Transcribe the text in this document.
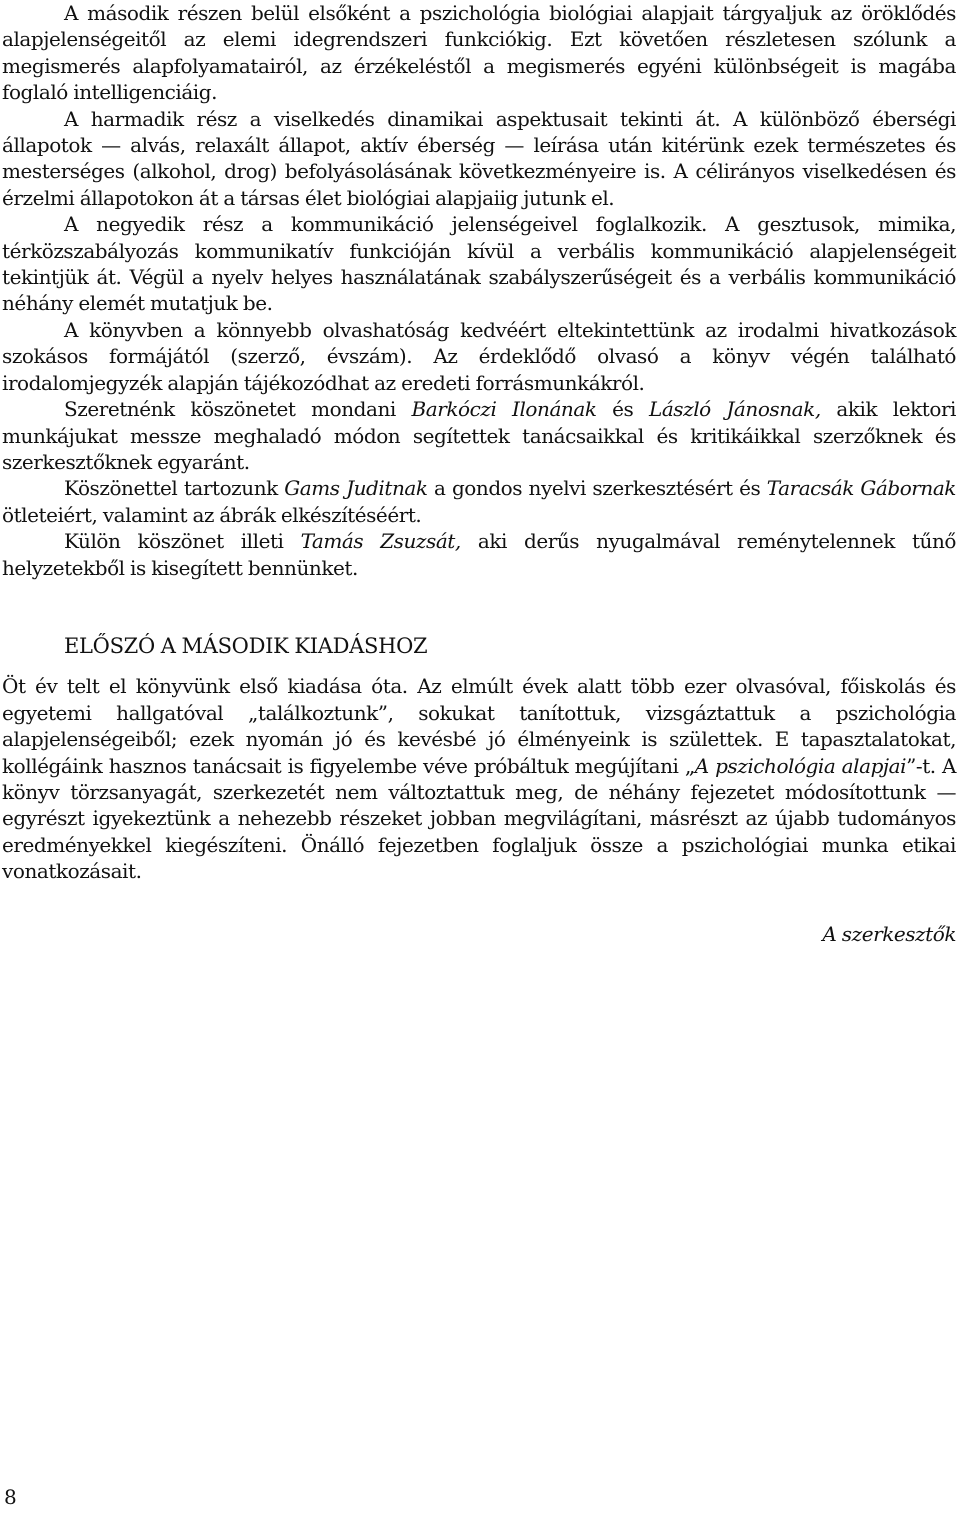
A második részen belül elsőként a pszichológia biológiai alapjait tárgyaljuk az öröklődés alapjelenségeitől az elemi idegrendszeri funkciókig. Ezt követően részletesen szólunk a megismerés alapfolyamatairól, az érzékeléstől a megismerés egyéni különbségeit is magába foglaló intelligenciáig.

A harmadik rész a viselkedés dinamikai aspektusait tekinti át. A különböző éberségi állapotok — alvás, relaxált állapot, aktív éberség — leírása után kitérünk ezek természetes és mesterséges (alkohol, drog) befolyásolásának következményeire is. A célirányos viselkedésen és érzelmi állapotokon át a társas élet biológiai alapjaiig jutunk el.

A negyedik rész a kommunikáció jelenségeivel foglalkozik. A gesztusok, mimika, térközszabályozás kommunikatív funkcióján kívül a verbális kommunikáció alapjelenségeit tekintjük át. Végül a nyelv helyes használatának szabályszerűségeit és a verbális kommunikáció néhány elemét mutatjuk be.

A könyvben a könnyebb olvashatóság kedvéért eltekintettünk az irodalmi hivatkozások szokásos formájától (szerző, évszám). Az érdeklődő olvasó a könyv végén található irodalomjegyzék alapján tájékozódhat az eredeti forrásmunkákról.

Szeretnénk köszönetet mondani Barkóczi Ilonának és László Jánosnak, akik lektori munkájukat messze meghaladó módon segítettek tanácsaikkal és kritikáikkal szerzőknek és szerkesztőknek egyaránt.

Köszönettel tartozunk Gams Juditnak a gondos nyelvi szerkesztésért és Taracsák Gábornak ötleteiért, valamint az ábrák elkészítéséért.

Külön köszönet illeti Tamás Zsuzsát, aki derűs nyugalmával reménytelennek tűnő helyzetekből is kisegített bennünket.

ELŐSZÓ A MÁSODIK KIADÁSHOZ

Öt év telt el könyvünk első kiadása óta. Az elmúlt évek alatt több ezer olvasóval, főiskolás és egyetemi hallgatóval „találkoztunk”, sokukat tanítottuk, vizsgáztattuk a pszichológia alapjelenségeiből; ezek nyomán jó és kevésbé jó élményeink is születtek. E tapasztalatokat, kollégáink hasznos tanácsait is figyelembe véve próbáltuk megújítani „A pszichológia alapjai”-t. A könyv törzsanyagát, szerkezetét nem változtattuk meg, de néhány fejezetet módosítottunk — egyrészt igyekeztünk a nehezebb részeket jobban megvilágítani, másrészt az újabb tudományos eredményekkel kiegészíteni. Önálló fejezetben foglaljuk össze a pszichológiai munka etikai vonatkozásait.

A szerkesztők
8
